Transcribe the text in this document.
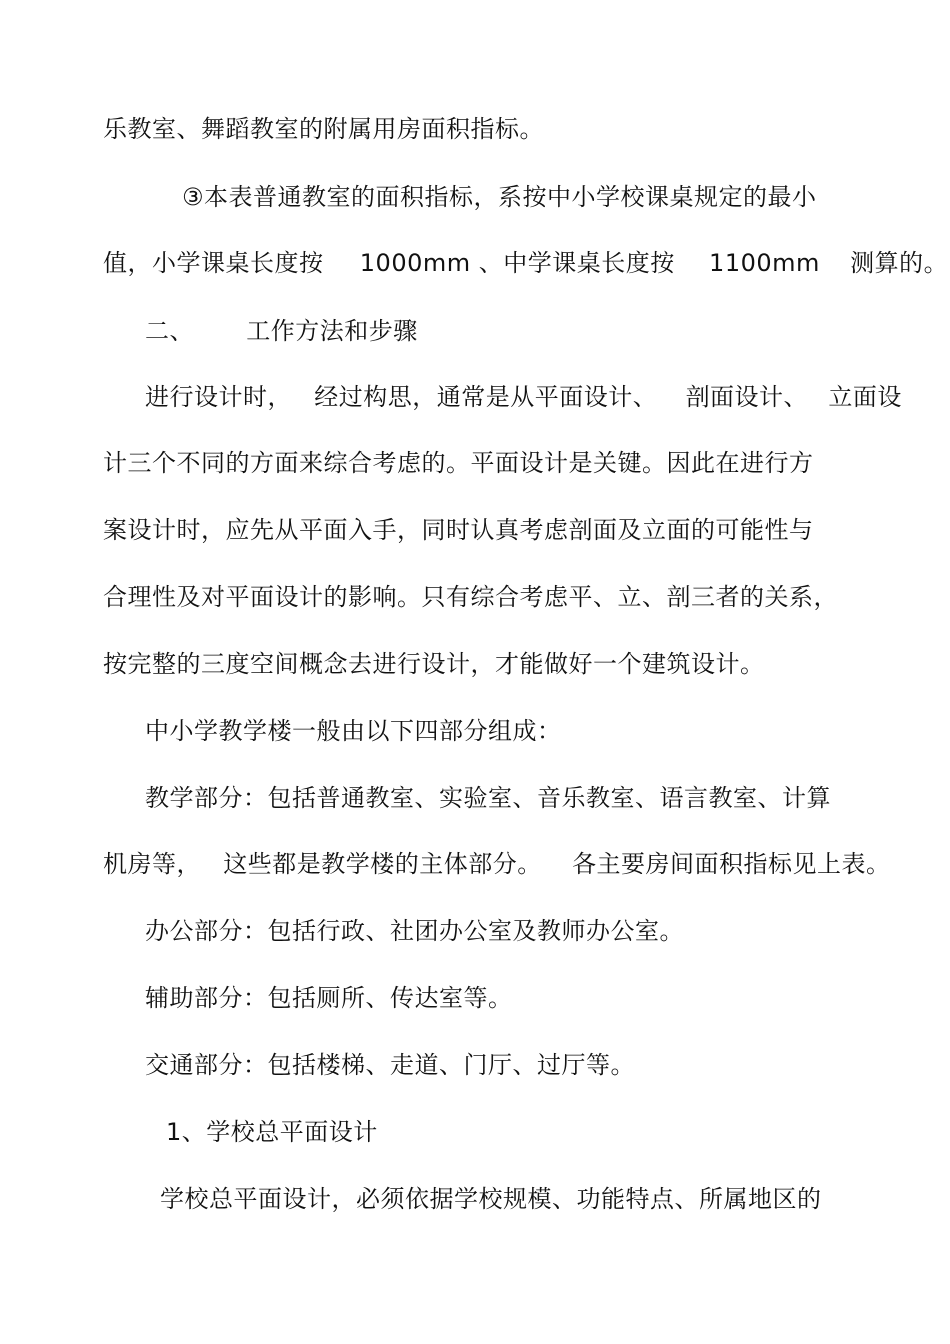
乐教室、舞蹈教室的附属用房面积指标。
③本表普通教室的面积指标，系按中小学校课桌规定的最小
值，小学课桌长度按 1000mm 、中学课桌长度按 1100mm 测算的。
二、 工作方法和步骤
进行设计时， 经过构思，通常是从平面设计、 剖面设计、 立面设
计三个不同的方面来综合考虑的。平面设计是关键。因此在进行方
案设计时，应先从平面入手，同时认真考虑剖面及立面的可能性与
合理性及对平面设计的影响。只有综合考虑平、立、剖三者的关系，
按完整的三度空间概念去进行设计，才能做好一个建筑设计。
中小学教学楼一般由以下四部分组成：
教学部分：包括普通教室、实验室、音乐教室、语言教室、计算
机房等， 这些都是教学楼的主体部分。 各主要房间面积指标见上表。
办公部分：包括行政、社团办公室及教师办公室。
辅助部分：包括厕所、传达室等。
交通部分：包括楼梯、走道、门厅、过厅等。
1、学校总平面设计
学校总平面设计，必须依据学校规模、功能特点、所属地区的
